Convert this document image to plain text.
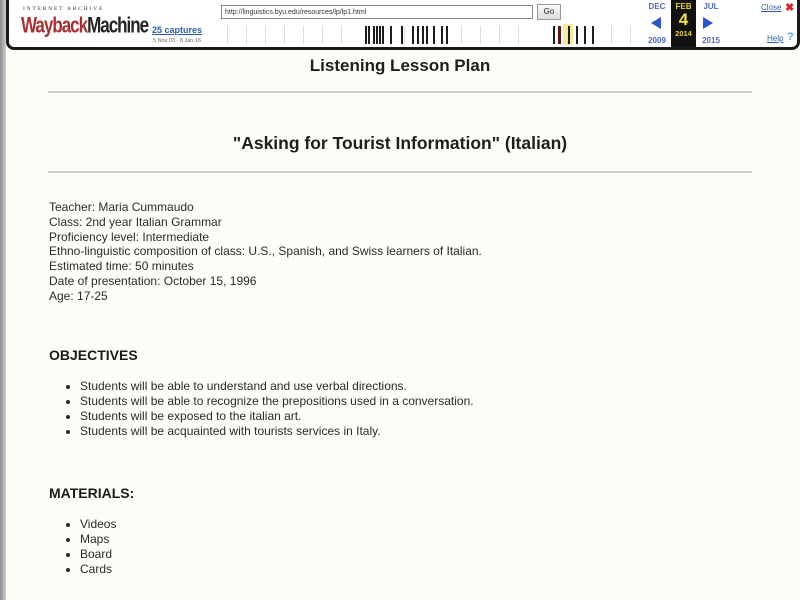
INTERNET ARCHIVE
WaybackMachine 25 captures
5 Nov 03 - 8 Jan 16
http://linguistics.byu.edu/resources/lp/lp1.html	Go
DEC
2009
FEB
4
2014
JUL
2015
Close ✖
Help ?
Listening Lesson Plan
"Asking for Tourist Information" (Italian)
Teacher: Maria Cummaudo
Class: 2nd year Italian Grammar
Proficiency level: Intermediate
Ethno-linguistic composition of class: U.S., Spanish, and Swiss learners of Italian.
Estimated time: 50 minutes
Date of presentation: October 15, 1996
Age: 17-25
OBJECTIVES
• Students will be able to understand and use verbal directions.
• Students will be able to recognize the prepositions used in a conversation.
• Students will be exposed to the italian art.
• Students will be acquainted with tourists services in Italy.
MATERIALS:
• Videos
• Maps
• Board
• Cards
